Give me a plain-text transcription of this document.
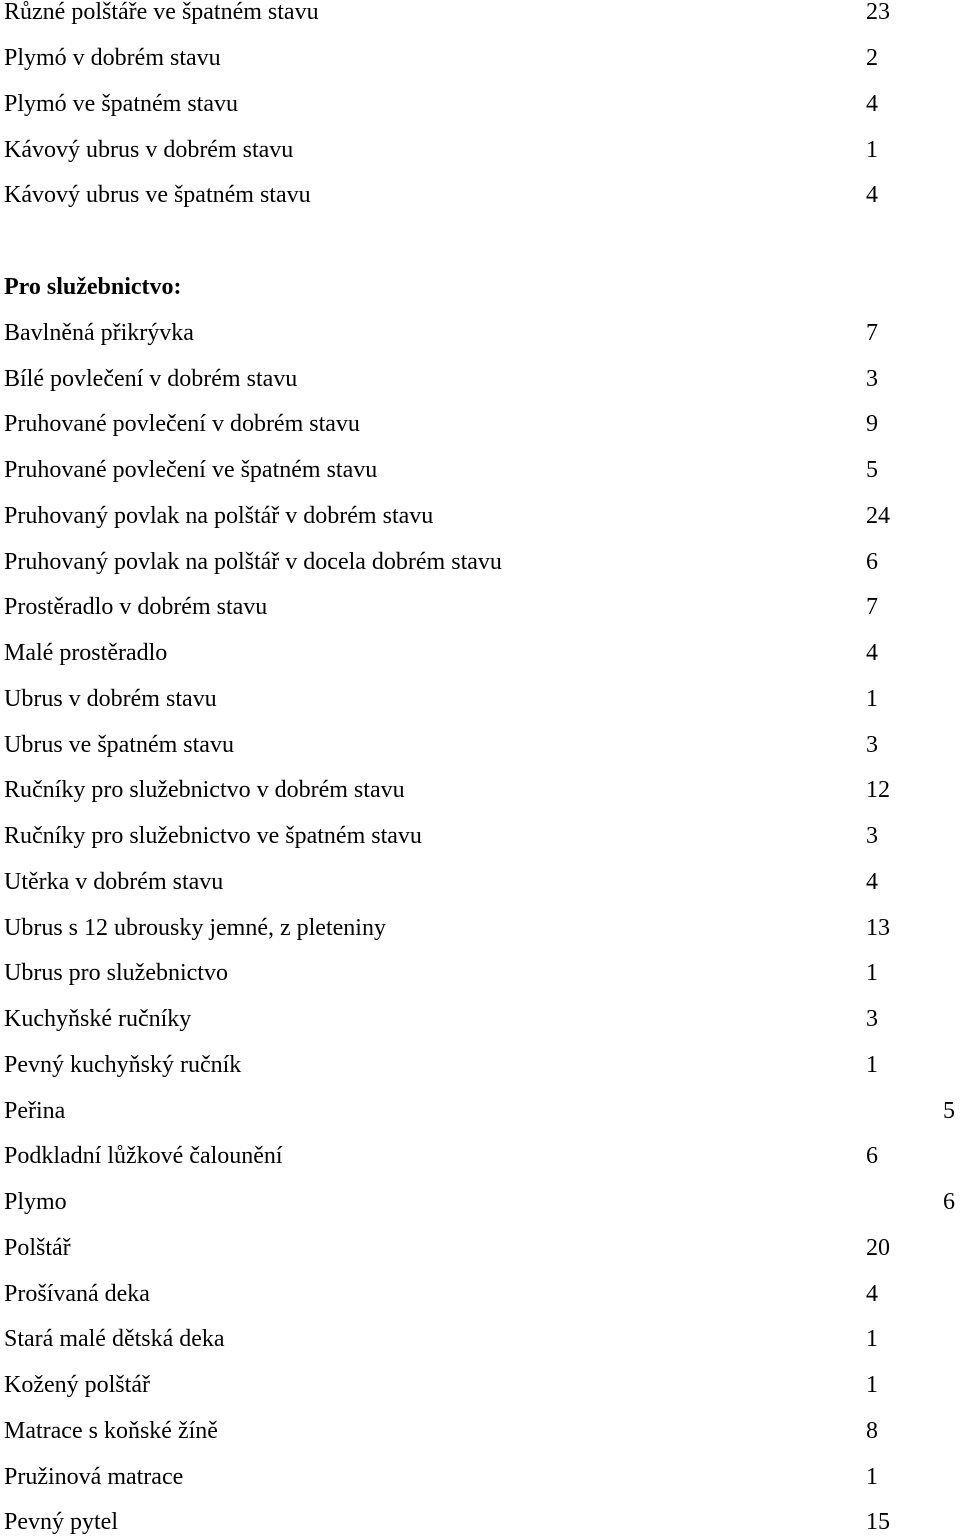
Různé polštáře ve špatném stavu	23
Plymó v dobrém stavu	2
Plymó ve špatném stavu	4
Kávový ubrus v dobrém stavu	1
Kávový ubrus ve špatném stavu	4
Pro služebnictvo:
Bavlněná přikrývka	7
Bílé povlečení v dobrém stavu	3
Pruhované povlečení v dobrém stavu	9
Pruhované povlečení ve špatném stavu	5
Pruhovaný povlak na polštář v dobrém stavu	24
Pruhovaný povlak na polštář v docela dobrém stavu	6
Prostěradlo v dobrém stavu	7
Malé prostěradlo	4
Ubrus v dobrém stavu	1
Ubrus ve špatném stavu	3
Ručníky pro služebnictvo v dobrém stavu	12
Ručníky pro služebnictvo ve špatném stavu	3
Utěrka v dobrém stavu	4
Ubrus s 12 ubrousky jemné, z pleteniny	13
Ubrus pro služebnictvo	1
Kuchyňské ručníky	3
Pevný kuchyňský ručník	1
Peřina	5
Podkladní lůžkové čalounění	6
Plymo	6
Polštář	20
Prošívaná deka	4
Stará malé dětská deka	1
Kožený polštář	1
Matrace s koňské žíně	8
Pružinová matrace	1
Pevný pytel	15
